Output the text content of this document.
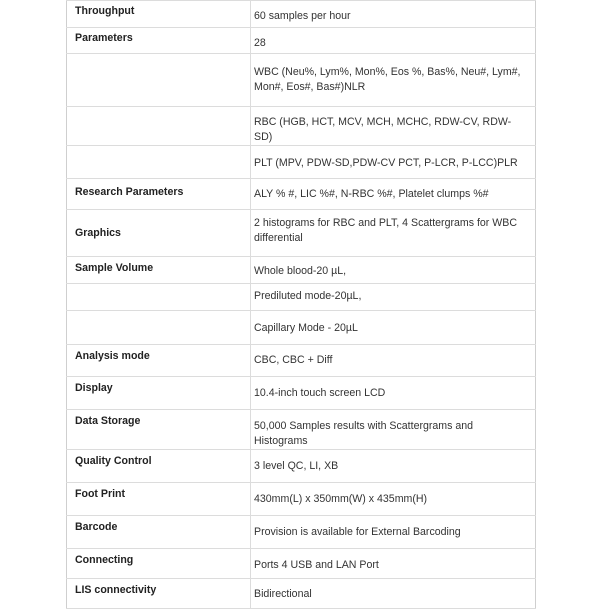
Throughput	60 samples per hour
Parameters	28
	WBC (Neu%, Lym%, Mon%, Eos %, Bas%, Neu#, Lym#, Mon#, Eos#, Bas#)NLR
	RBC (HGB, HCT, MCV, MCH, MCHC, RDW-CV, RDW-SD)
	PLT (MPV, PDW-SD,PDW-CV PCT, P-LCR, P-LCC)PLR
Research Parameters	ALY % #, LIC %#, N-RBC %#, Platelet clumps %#
Graphics	2 histograms for RBC and PLT, 4 Scattergrams for WBC differential
Sample Volume	Whole blood-20 µL,
	Prediluted mode-20µL,
	Capillary Mode - 20µL
Analysis mode	CBC, CBC + Diff
Display	10.4-inch touch screen LCD
Data Storage	50,000 Samples results with Scattergrams and Histograms
Quality Control	3 level QC, LI, XB
Foot Print	430mm(L) x 350mm(W) x 435mm(H)
Barcode	Provision is available for External Barcoding
Connecting	Ports 4 USB and LAN Port
LIS connectivity	Bidirectional
